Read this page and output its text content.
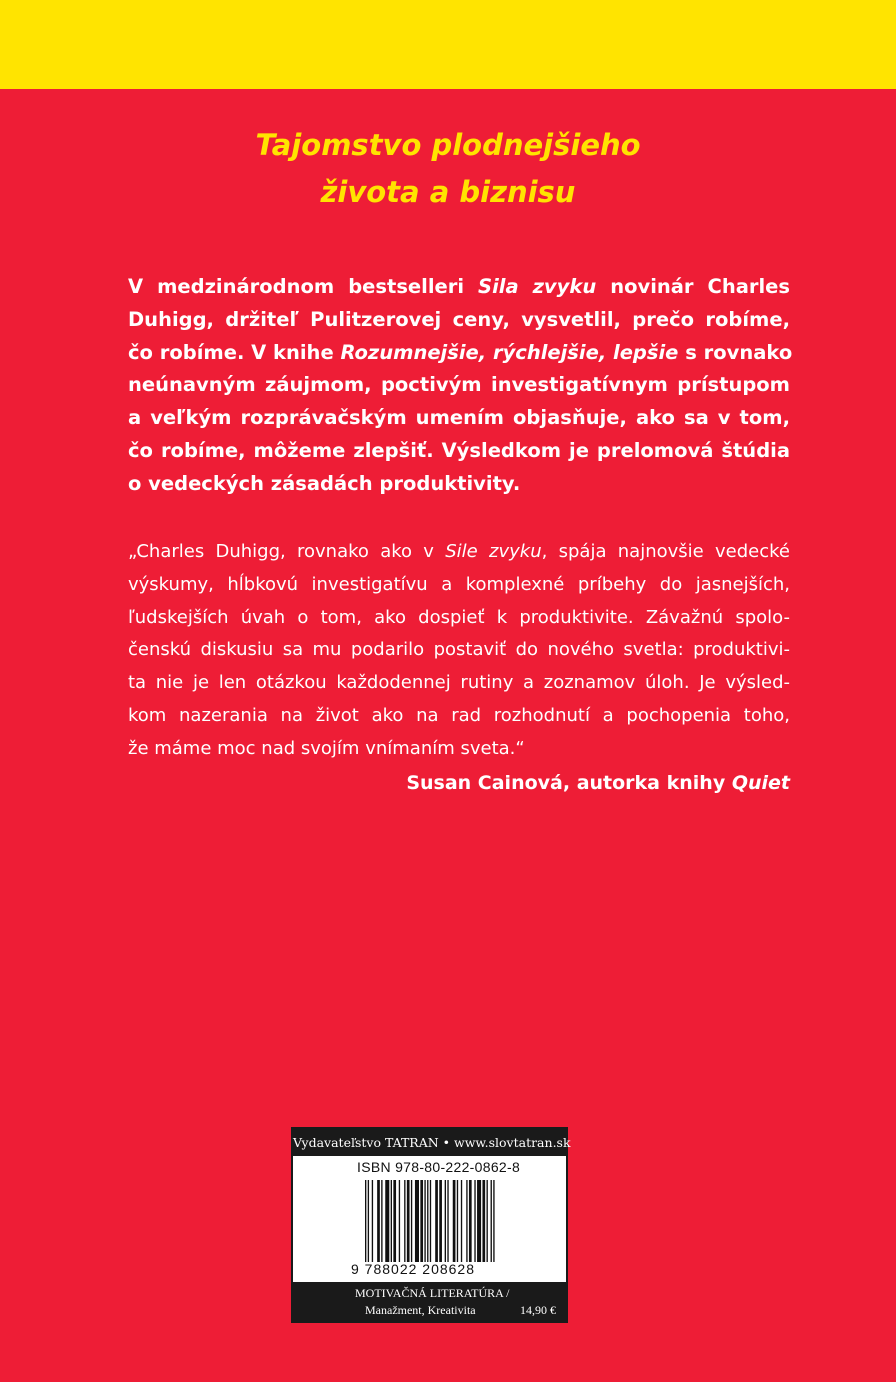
Tajomstvo plodnejšieho
života a biznisu
V medzinárodnom bestselleri Sila zvyku novinár Charles
Duhigg, držiteľ Pulitzerovej ceny, vysvetlil, prečo robíme,
čo robíme. V knihe Rozumnejšie, rýchlejšie, lepšie s rovnako
neúnavným záujmom, poctivým investigatívnym prístupom
a veľkým rozprávačským umením objasňuje, ako sa v tom,
čo robíme, môžeme zlepšiť. Výsledkom je prelomová štúdia
o vedeckých zásadách produktivity.
„Charles Duhigg, rovnako ako v Sile zvyku, spája najnovšie vedecké
výskumy, hĺbkovú investigatívu a komplexné príbehy do jasnejších,
ľudskejších úvah o tom, ako dospieť k produktivite. Závažnú spolo-
čenskú diskusiu sa mu podarilo postaviť do nového svetla: produktivi-
ta nie je len otázkou každodennej rutiny a zoznamov úloh. Je výsled-
kom nazerania na život ako na rad rozhodnutí a pochopenia toho,
že máme moc nad svojím vnímaním sveta.“
Susan Cainová, autorka knihy Quiet
Vydavateľstvo TATRAN • www.slovtatran.sk
ISBN 978-80-222-0862-8
9 788022 208628
MOTIVAČNÁ LITERATÚRA /
Manažment, Kreativita	14,90 €
